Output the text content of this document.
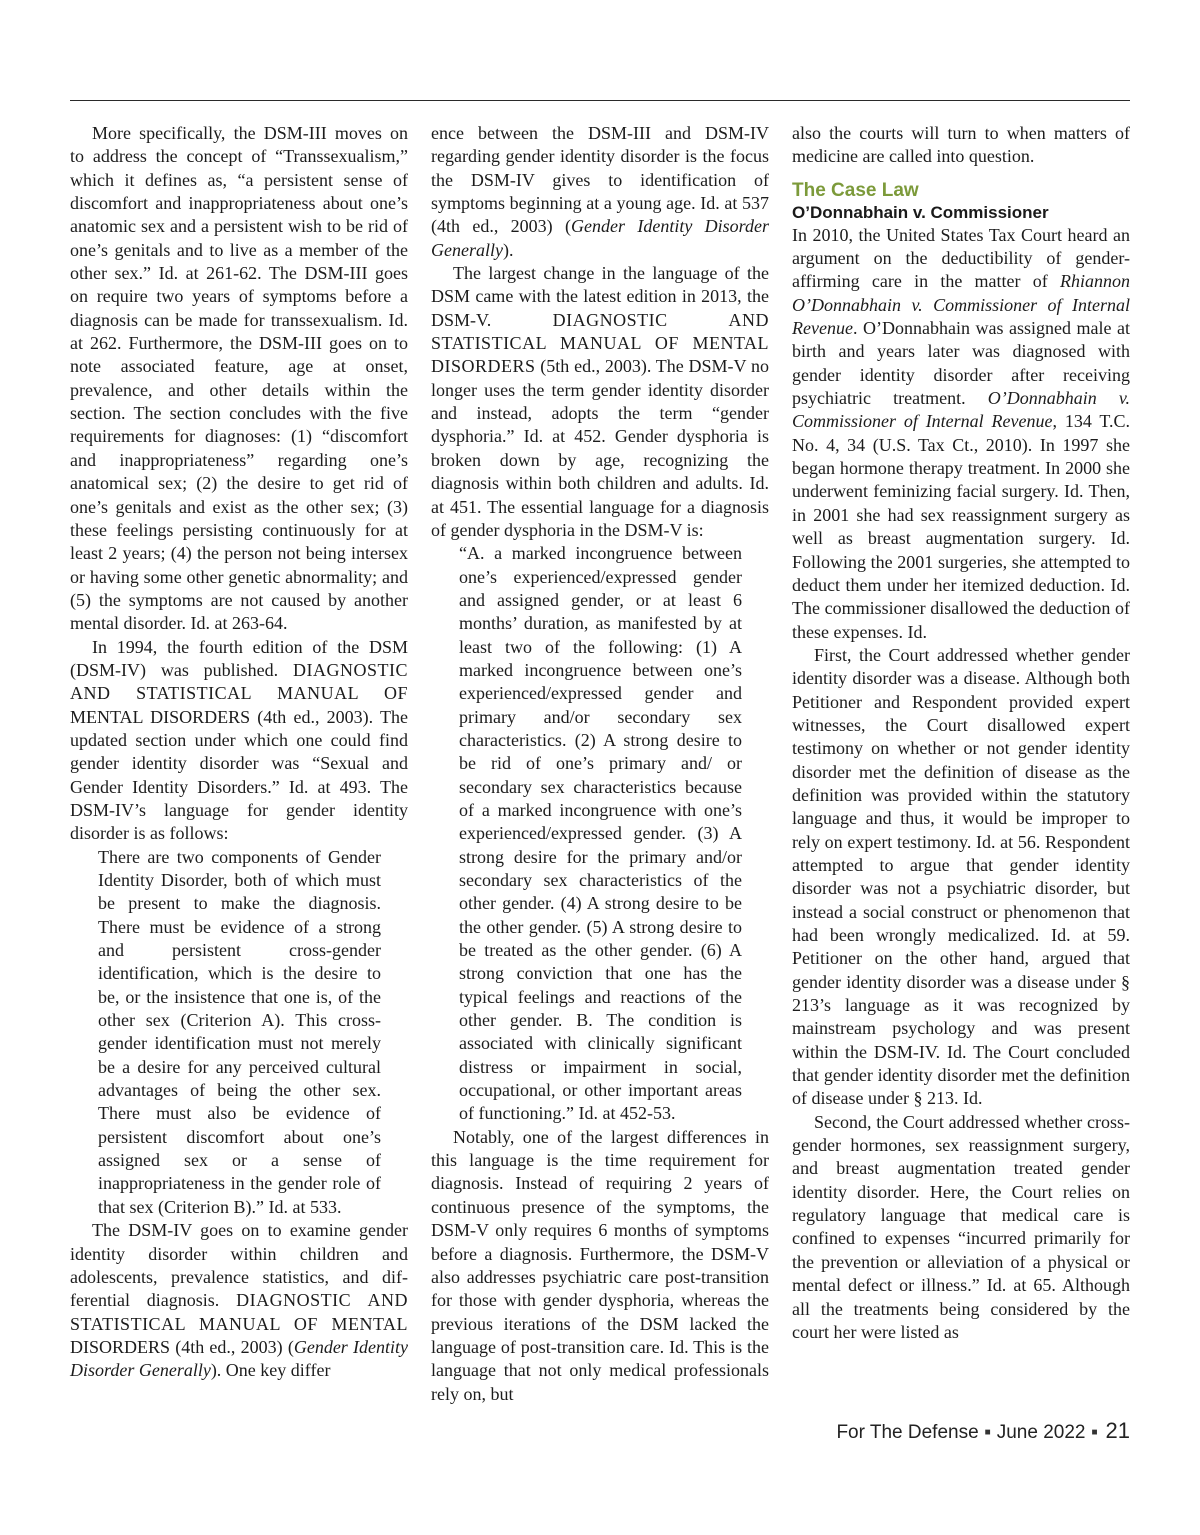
More specifically, the DSM-III moves on to address the concept of “Transsexualism,” which it defines as, “a persistent sense of discomfort and inappropriateness about one’s anatomic sex and a persistent wish to be rid of one’s genitals and to live as a member of the other sex.” Id. at 261-62. The DSM-III goes on require two years of symptoms before a diagnosis can be made for transsexualism. Id. at 262. Furthermore, the DSM-III goes on to note associated feature, age at onset, prevalence, and other details within the section. The section concludes with the five requirements for diagnoses: (1) “discomfort and inappropriateness” regarding one’s anatomical sex; (2) the desire to get rid of one’s genitals and exist as the other sex; (3) these feelings persisting continuously for at least 2 years; (4) the person not being intersex or having some other genetic abnormality; and (5) the symptoms are not caused by another mental disorder. Id. at 263-64.

In 1994, the fourth edition of the DSM (DSM-IV) was published. DIAGNOSTIC AND STATISTICAL MANUAL OF MENTAL DISORDERS (4th ed., 2003). The updated section under which one could find gender identity disorder was “Sexual and Gender Identity Disorders.” Id. at 493. The DSM-IV’s language for gender identity disorder is as follows:

There are two components of Gender Identity Disorder, both of which must be present to make the diagnosis. There must be evidence of a strong and persistent cross-gender identification, which is the desire to be, or the insistence that one is, of the other sex (Criterion A). This cross-gender identification must not merely be a desire for any perceived cultural advantages of being the other sex. There must also be evidence of persistent discomfort about one’s assigned sex or a sense of inappropriateness in the gender role of that sex (Criterion B).” Id. at 533.

The DSM-IV goes on to examine gender identity disorder within children and adolescents, prevalence statistics, and differential diagnosis. DIAGNOSTIC AND STATISTICAL MANUAL OF MENTAL DISORDERS (4th ed., 2003) (Gender Identity Disorder Generally). One key differ

ence between the DSM-III and DSM-IV regarding gender identity disorder is the focus the DSM-IV gives to identification of symptoms beginning at a young age. Id. at 537 (4th ed., 2003) (Gender Identity Disorder Generally).

The largest change in the language of the DSM came with the latest edition in 2013, the DSM-V. DIAGNOSTIC AND STATISTICAL MANUAL OF MENTAL DISORDERS (5th ed., 2003). The DSM-V no longer uses the term gender identity disorder and instead, adopts the term “gender dysphoria.” Id. at 452. Gender dysphoria is broken down by age, recognizing the diagnosis within both children and adults. Id. at 451. The essential language for a diagnosis of gender dysphoria in the DSM-V is:

“A. a marked incongruence between one’s experienced/expressed gender and assigned gender, or at least 6 months’ duration, as manifested by at least two of the following: (1) A marked incongruence between one’s experienced/expressed gender and primary and/or secondary sex characteristics. (2) A strong desire to be rid of one’s primary and/ or secondary sex characteristics because of a marked incongruence with one’s experienced/expressed gender. (3) A strong desire for the primary and/or secondary sex characteristics of the other gender. (4) A strong desire to be the other gender. (5) A strong desire to be treated as the other gender. (6) A strong conviction that one has the typical feelings and reactions of the other gender. B. The condition is associated with clinically significant distress or impairment in social, occupational, or other important areas of functioning.” Id. at 452-53.

Notably, one of the largest differences in this language is the time requirement for diagnosis. Instead of requiring 2 years of continuous presence of the symptoms, the DSM-V only requires 6 months of symptoms before a diagnosis. Furthermore, the DSM-V also addresses psychiatric care post-transition for those with gender dysphoria, whereas the previous iterations of the DSM lacked the language of post-transition care. Id. This is the language that not only medical professionals rely on, but

also the courts will turn to when matters of medicine are called into question.

The Case Law

O’Donnabhain v. Commissioner

In 2010, the United States Tax Court heard an argument on the deductibility of gender-affirming care in the matter of Rhiannon O’Donnabhain v. Commissioner of Internal Revenue. O’Donnabhain was assigned male at birth and years later was diagnosed with gender identity disorder after receiving psychiatric treatment. O’Donnabhain v. Commissioner of Internal Revenue, 134 T.C. No. 4, 34 (U.S. Tax Ct., 2010). In 1997 she began hormone therapy treatment. In 2000 she underwent feminizing facial surgery. Id. Then, in 2001 she had sex reassignment surgery as well as breast augmentation surgery. Id. Following the 2001 surgeries, she attempted to deduct them under her itemized deduction. Id. The commissioner disallowed the deduction of these expenses. Id.

First, the Court addressed whether gender identity disorder was a disease. Although both Petitioner and Respondent provided expert witnesses, the Court disallowed expert testimony on whether or not gender identity disorder met the definition of disease as the definition was provided within the statutory language and thus, it would be improper to rely on expert testimony. Id. at 56. Respondent attempted to argue that gender identity disorder was not a psychiatric disorder, but instead a social construct or phenomenon that had been wrongly medicalized. Id. at 59. Petitioner on the other hand, argued that gender identity disorder was a disease under § 213’s language as it was recognized by mainstream psychology and was present within the DSM-IV. Id. The Court concluded that gender identity disorder met the definition of disease under § 213. Id.

Second, the Court addressed whether cross-gender hormones, sex reassignment surgery, and breast augmentation treated gender identity disorder. Here, the Court relies on regulatory language that medical care is confined to expenses “incurred primarily for the prevention or alleviation of a physical or mental defect or illness.” Id. at 65. Although all the treatments being considered by the court her were listed as

For The Defense ■ June 2022 ■ 21
